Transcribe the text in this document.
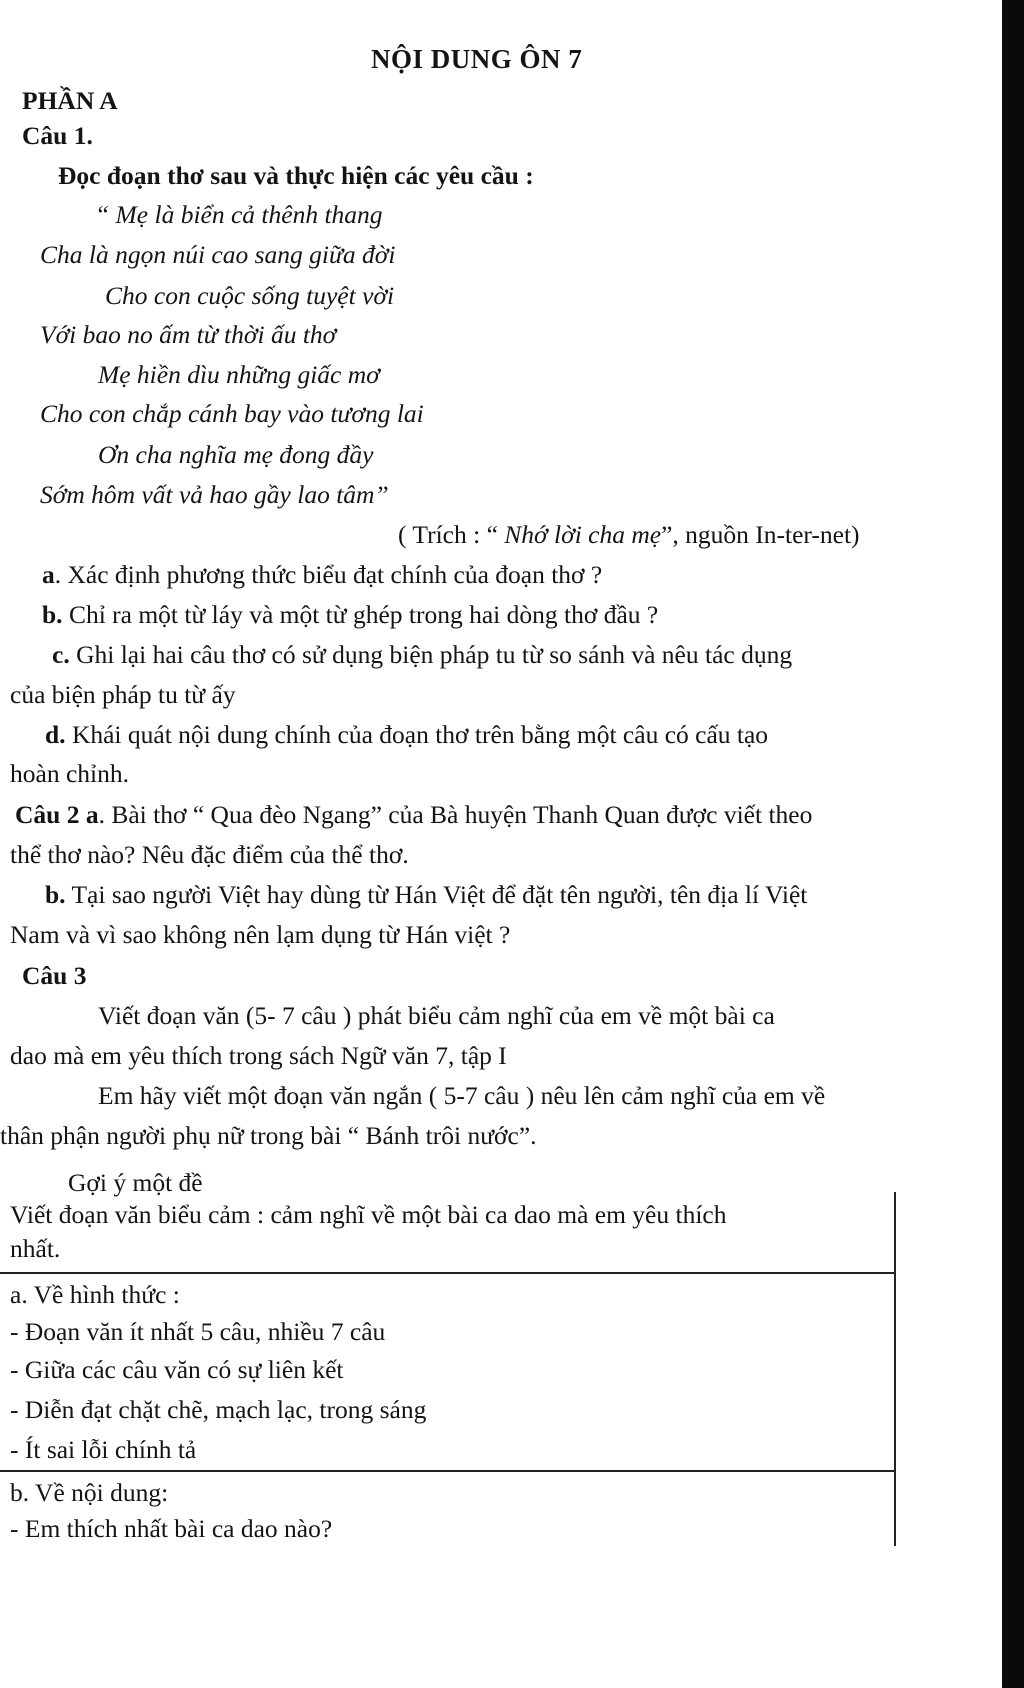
NỘI DUNG ÔN 7
PHẦN A
Câu 1.
Đọc đoạn thơ sau và thực hiện các yêu cầu :
“ Mẹ là biển cả thênh thang
Cha là ngọn núi cao sang giữa đời
Cho con cuộc sống tuyệt vời
Với bao no ấm từ thời ấu thơ
Mẹ hiền dìu những giấc mơ
Cho con chắp cánh bay vào tương lai
Ơn cha nghĩa mẹ đong đầy
Sớm hôm vất vả hao gầy lao tâm”
( Trích : “ Nhớ lời cha mẹ”, nguồn In-ter-net)
a. Xác định phương thức biểu đạt chính của đoạn thơ ?
b. Chỉ ra một từ láy và một từ ghép trong hai dòng thơ đầu ?
c. Ghi lại hai câu thơ có sử dụng biện pháp tu từ so sánh và nêu tác dụng
của biện pháp tu từ ấy
d. Khái quát nội dung chính của đoạn thơ trên bằng một câu có cấu tạo
hoàn chỉnh.
Câu 2 a. Bài thơ “ Qua đèo Ngang” của Bà huyện Thanh Quan được viết theo
thể thơ nào? Nêu đặc điểm của thể thơ.
b. Tại sao người Việt hay dùng từ Hán Việt để đặt tên người, tên địa lí Việt
Nam và vì sao không nên lạm dụng từ Hán việt ?
Câu 3
Viết đoạn văn (5- 7 câu ) phát biểu cảm nghĩ của em về một bài ca
dao mà em yêu thích trong sách Ngữ văn 7, tập I
Em hãy viết một đoạn văn ngắn ( 5-7 câu ) nêu lên cảm nghĩ của em về
thân phận người phụ nữ trong bài “ Bánh trôi nước”.
Gợi ý một đề
Viết đoạn văn biểu cảm : cảm nghĩ về một bài ca dao mà em yêu thích
nhất.
a. Về hình thức :
- Đoạn văn ít nhất 5 câu, nhiều 7 câu
- Giữa các câu văn có sự liên kết
- Diễn đạt chặt chẽ, mạch lạc, trong sáng
- Ít sai lỗi chính tả
b. Về nội dung:
- Em thích nhất bài ca dao nào?
